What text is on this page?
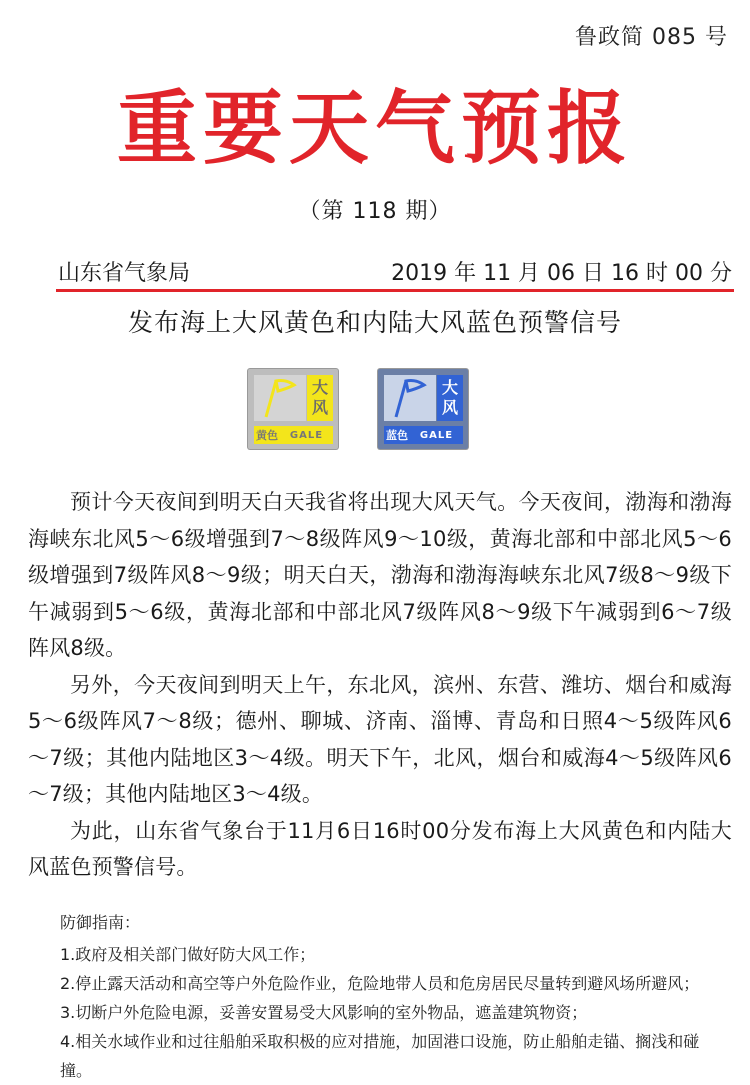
鲁政简 085 号
重要天气预报
（第 118 期）
山东省气象局	2019 年 11 月 06 日 16 时 00 分
发布海上大风黄色和内陆大风蓝色预警信号
大
风
黄色	GALE
大
风
蓝色	GALE

预计今天夜间到明天白天我省将出现大风天气。今天夜间，渤海和渤海海峡东北风5～6级增强到7～8级阵风9～10级，黄海北部和中部北风5～6级增强到7级阵风8～9级；明天白天，渤海和渤海海峡东北风7级8～9级下午减弱到5～6级，黄海北部和中部北风7级阵风8～9级下午减弱到6～7级阵风8级。

另外，今天夜间到明天上午，东北风，滨州、东营、潍坊、烟台和威海5～6级阵风7～8级；德州、聊城、济南、淄博、青岛和日照4～5级阵风6～7级；其他内陆地区3～4级。明天下午，北风，烟台和威海4～5级阵风6～7级；其他内陆地区3～4级。

为此，山东省气象台于11月6日16时00分发布海上大风黄色和内陆大风蓝色预警信号。

防御指南：
1.政府及相关部门做好防大风工作；
2.停止露天活动和高空等户外危险作业，危险地带人员和危房居民尽量转到避风场所避风；
3.切断户外危险电源，妥善安置易受大风影响的室外物品，遮盖建筑物资；
4.相关水域作业和过往船舶采取积极的应对措施，加固港口设施，防止船舶走锚、搁浅和碰撞。
